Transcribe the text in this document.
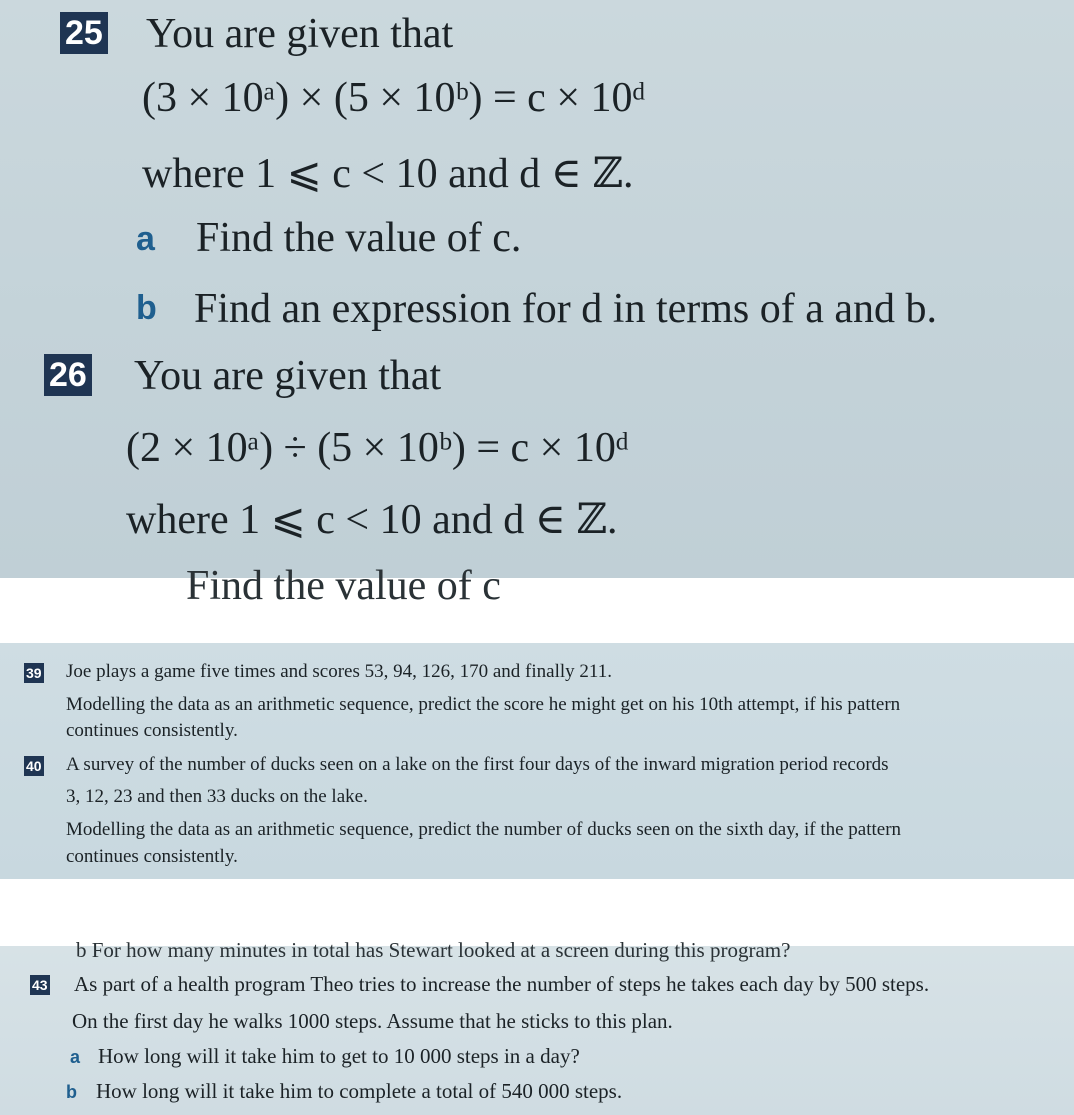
25 You are given that
(3 × 10ᵃ) × (5 × 10ᵇ) = c × 10ᵈ
where 1 ⩽ c < 10 and d ∈ ℤ.
a Find the value of c.
b Find an expression for d in terms of a and b.
26 You are given that
(2 × 10ᵃ) ÷ (5 × 10ᵇ) = c × 10ᵈ
where 1 ⩽ c < 10 and d ∈ ℤ.
Find the value of c
39 Joe plays a game five times and scores 53, 94, 126, 170 and finally 211.
Modelling the data as an arithmetic sequence, predict the score he might get on his 10th attempt, if his pattern
continues consistently.
40 A survey of the number of ducks seen on a lake on the first four days of the inward migration period records
3, 12, 23 and then 33 ducks on the lake.
Modelling the data as an arithmetic sequence, predict the number of ducks seen on the sixth day, if the pattern
continues consistently.
b For how many minutes in total has Stewart looked at a screen during this program?
43 As part of a health program Theo tries to increase the number of steps he takes each day by 500 steps.
On the first day he walks 1000 steps. Assume that he sticks to this plan.
a How long will it take him to get to 10 000 steps in a day?
b How long will it take him to complete a total of 540 000 steps.
